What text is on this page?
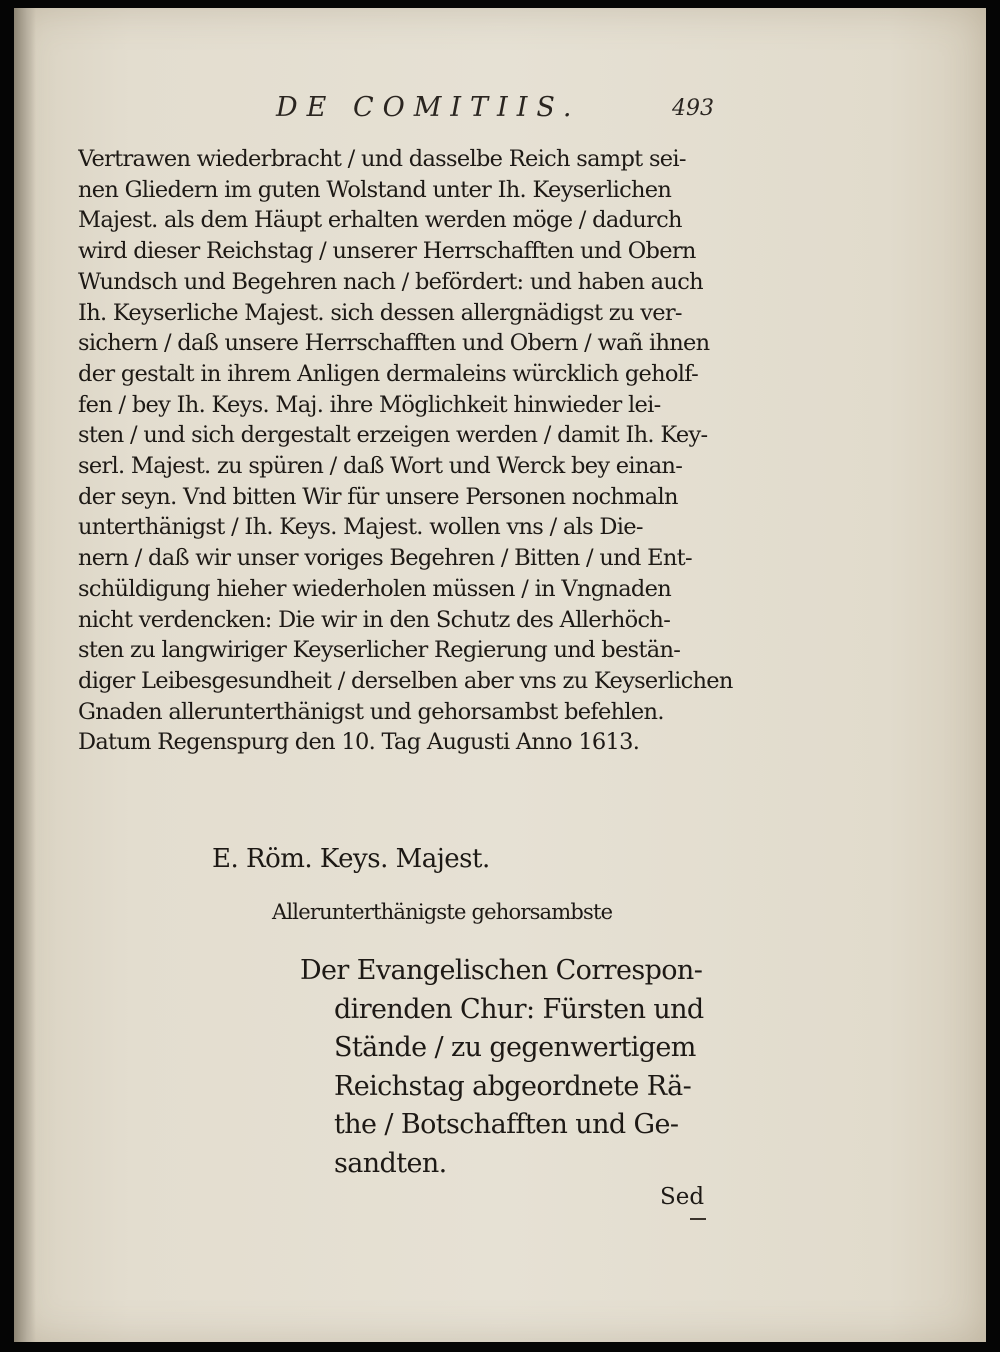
DE COMITIIS.	493
Vertrawen wiederbracht / und dasselbe Reich sampt sei-
nen Gliedern im guten Wolstand unter Ih. Keyserlichen
Majest. als dem Häupt erhalten werden möge / dadurch
wird dieser Reichstag / unserer Herrschafften und Obern
Wundsch und Begehren nach / befördert: und haben auch
Ih. Keyserliche Majest. sich dessen allergnädigst zu ver-
sichern / daß unsere Herrschafften und Obern / wañ ihnen
der gestalt in ihrem Anligen dermaleins würcklich geholf-
fen / bey Ih. Keys. Maj. ihre Möglichkeit hinwieder lei-
sten / und sich dergestalt erzeigen werden / damit Ih. Key-
serl. Majest. zu spüren / daß Wort und Werck bey einan-
der seyn. Vnd bitten Wir für unsere Personen nochmaln
unterthänigst / Ih. Keys. Majest. wollen vns / als Die-
nern / daß wir unser voriges Begehren / Bitten / und Ent-
schüldigung hieher wiederholen müssen / in Vngnaden
nicht verdencken: Die wir in den Schutz des Allerhöch-
sten zu langwiriger Keyserlicher Regierung und bestän-
diger Leibesgesundheit / derselben aber vns zu Keyserlichen
Gnaden allerunterthänigst und gehorsambst befehlen.
Datum Regenspurg den 10. Tag Augusti Anno 1613.
E. Röm. Keys. Majest.
Allerunterthänigste gehorsambste
Der Evangelischen Correspon-
direnden Chur: Fürsten und
Stände / zu gegenwertigem
Reichstag abgeordnete Rä-
the / Botschafften und Ge-
sandten.
Sed
